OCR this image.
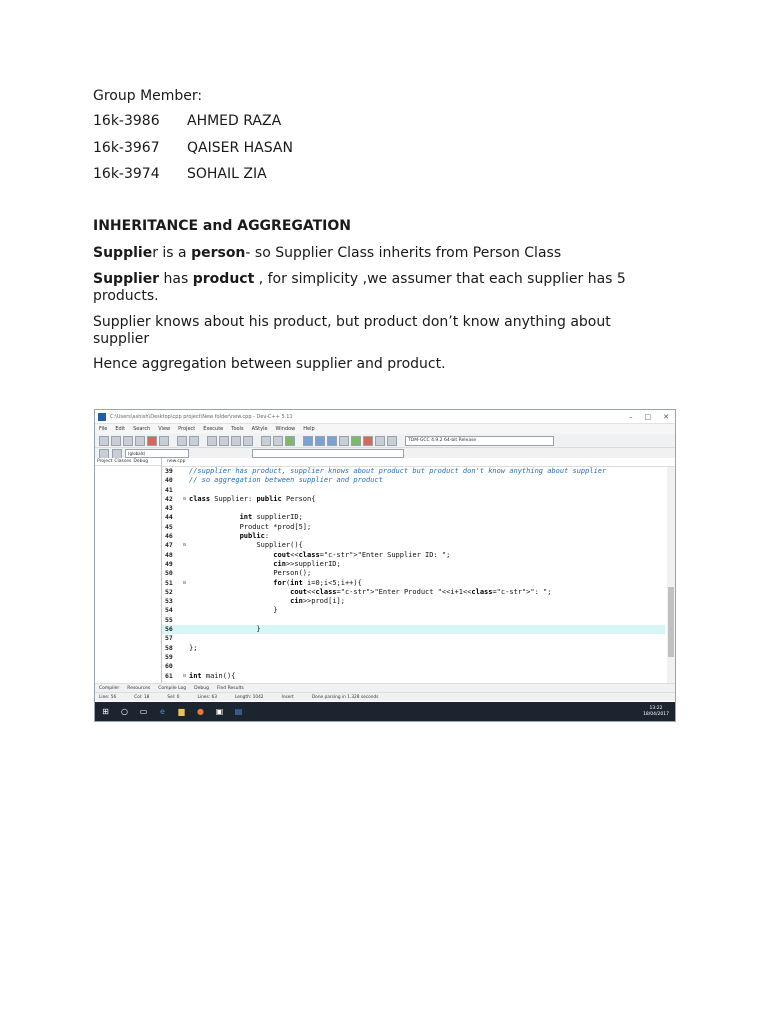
Group Member:
16k-3986 AHMED RAZA
16k-3967 QAISER HASAN
16k-3974 SOHAIL ZIA
INHERITANCE and AGGREGATION
Supplier is a person- so Supplier Class inherits from Person Class
Supplier has product , for simplicity ,we assumer that each supplier has 5 products.
Supplier knows about his product, but product don’t know anything about supplier
Hence aggregation between supplier and product.
C:\Users\ashish\Desktop\cpp project\New folder\new.cpp - Dev-C++ 5.11	– □ ✕
File Edit Search View Project Execute Tools AStyle Window Help
TDM-GCC 4.9.2 64-bit Release
(globals)
Project Classes Debug	new.cpp
39	//supplier has product, supplier knows about product but product don't know anything about supplier
40	// so aggregation between supplier and product
41
42	⊟ class Supplier: public Person{
43
44	int supplierID;
45	Product *prod[5];
46	public:
47	⊟ Supplier(){
48	cout<<class="c-str">"Enter Supplier ID: ";
49	cin>>supplierID;
50	Person();
51	⊟	for(int i=0;i<5;i++){
52	cout<<class="c-str">"Enter Product "<<i+1<<class="c-str">": ";
53	cin>>prod[i];
54	}
55
56	}
57
58	};
59
60
61	⊟ int main(){
Compiler Resources Compile Log Debug Find Results
Line: 56	Col: 18	Sel: 0	Lines: 63	Length: 1042	Insert	Done parsing in 1.328 seconds
⊞ ○ ▭ e ▆ ● ▣ ▤	13:22
18/04/2017
